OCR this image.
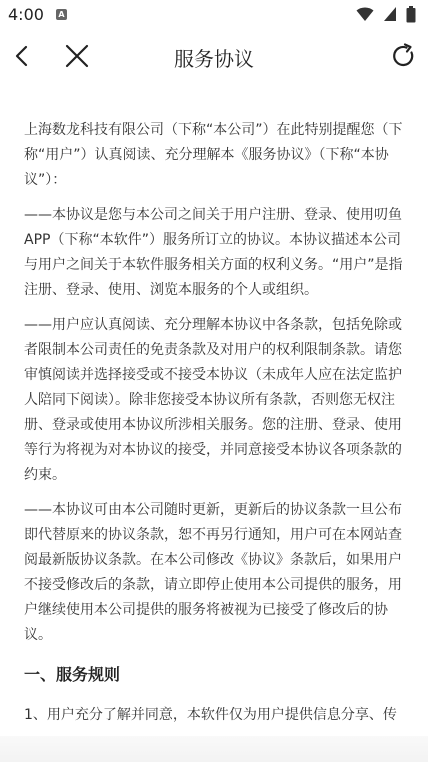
4:00 A

服务协议

上海数龙科技有限公司（下称“本公司”）在此特别提醒您（下称“用户”）认真阅读、充分理解本《服务协议》（下称“本协议”）：

——本协议是您与本公司之间关于用户注册、登录、使用叨鱼APP（下称“本软件”）服务所订立的协议。本协议描述本公司与用户之间关于本软件服务相关方面的权利义务。“用户”是指注册、登录、使用、浏览本服务的个人或组织。

——用户应认真阅读、充分理解本协议中各条款，包括免除或者限制本公司责任的免责条款及对用户的权利限制条款。请您审慎阅读并选择接受或不接受本协议（未成年人应在法定监护人陪同下阅读）。除非您接受本协议所有条款，否则您无权注册、登录或使用本协议所涉相关服务。您的注册、登录、使用等行为将视为对本协议的接受，并同意接受本协议各项条款的约束。

——本协议可由本公司随时更新，更新后的协议条款一旦公布即代替原来的协议条款，恕不再另行通知，用户可在本网站查阅最新版协议条款。在本公司修改《协议》条款后，如果用户不接受修改后的条款，请立即停止使用本公司提供的服务，用户继续使用本公司提供的服务将被视为已接受了修改后的协议。

一、服务规则

1、用户充分了解并同意，本软件仅为用户提供信息分享、传
